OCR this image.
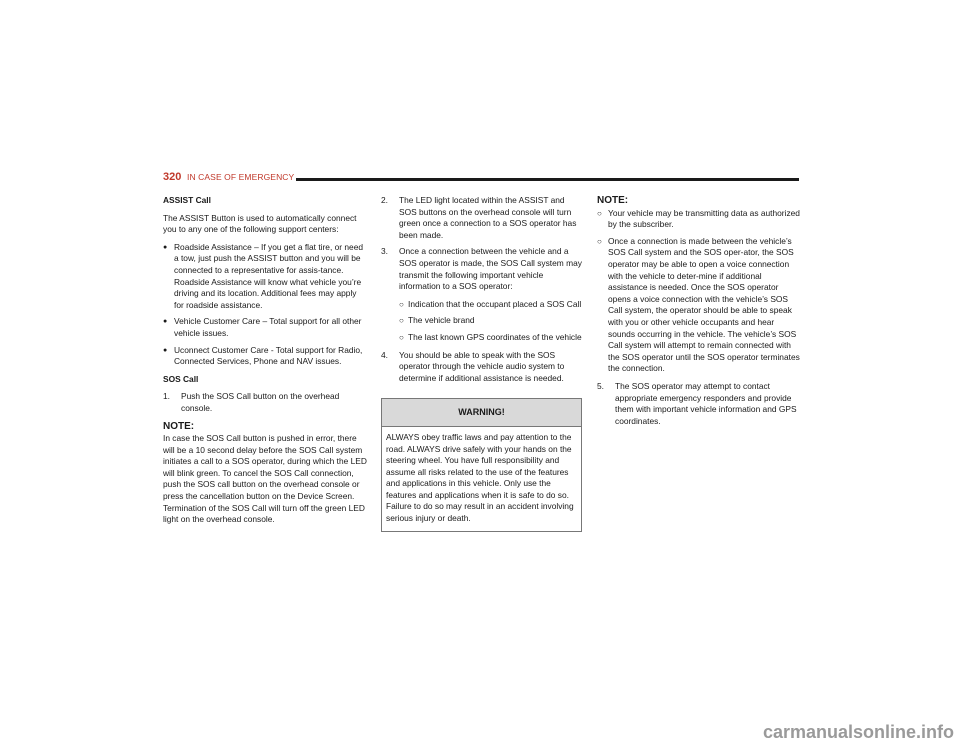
320 IN CASE OF EMERGENCY

ASSIST Call

The ASSIST Button is used to automatically connect you to any one of the following support centers:

● Roadside Assistance – If you get a flat tire, or need a tow, just push the ASSIST button and you will be connected to a representative for assis-tance. Roadside Assistance will know what vehicle you’re driving and its location. Additional fees may apply for roadside assistance.
● Vehicle Customer Care – Total support for all other vehicle issues.
● Uconnect Customer Care - Total support for Radio, Connected Services, Phone and NAV issues.

SOS Call

1. Push the SOS Call button on the overhead console.
NOTE:

In case the SOS Call button is pushed in error, there will be a 10 second delay before the SOS Call system initiates a call to a SOS operator, during which the LED will blink green. To cancel the SOS Call connection, push the SOS call button on the overhead console or press the cancellation button on the Device Screen. Termination of the SOS Call will turn off the green LED light on the overhead console.

2. The LED light located within the ASSIST and SOS buttons on the overhead console will turn green once a connection to a SOS operator has been made.
3. Once a connection between the vehicle and a SOS operator is made, the SOS Call system may transmit the following important vehicle information to a SOS operator:
○ Indication that the occupant placed a SOS Call
○ The vehicle brand
○ The last known GPS coordinates of the vehicle
4. You should be able to speak with the SOS operator through the vehicle audio system to determine if additional assistance is needed.
WARNING!
ALWAYS obey traffic laws and pay attention to the road. ALWAYS drive safely with your hands on the steering wheel. You have full responsibility and assume all risks related to the use of the features and applications in this vehicle. Only use the features and applications when it is safe to do so. Failure to do so may result in an accident involving serious injury or death.
NOTE:
○ Your vehicle may be transmitting data as authorized by the subscriber.
○ Once a connection is made between the vehicle’s SOS Call system and the SOS oper-ator, the SOS operator may be able to open a voice connection with the vehicle to deter-mine if additional assistance is needed. Once the SOS operator opens a voice connection with the vehicle’s SOS Call system, the operator should be able to speak with you or other vehicle occupants and hear sounds occurring in the vehicle. The vehicle’s SOS Call system will attempt to remain connected with the SOS operator until the SOS operator terminates the connection.
5. The SOS operator may attempt to contact appropriate emergency responders and provide them with important vehicle information and GPS coordinates.
carmanualsonline.info
